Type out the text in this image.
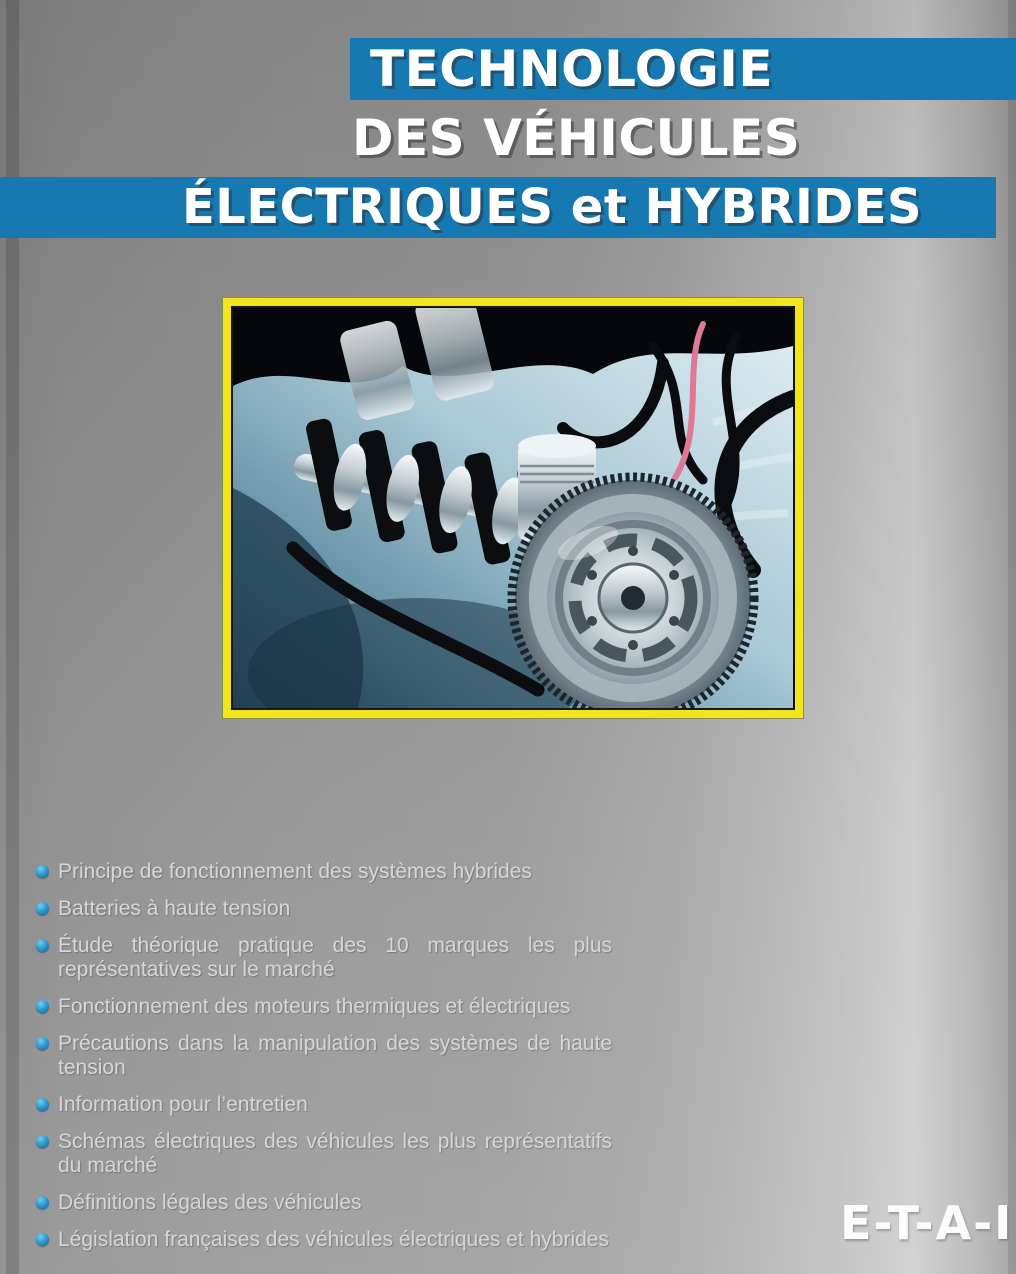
TECHNOLOGIE
DES VÉHICULES
ÉLECTRIQUES et HYBRIDES
Principe de fonctionnement des systèmes hybrides
Batteries à haute tension
Étude théorique pratique des 10 marques les plus représentatives sur le marché
Fonctionnement des moteurs thermiques et électriques
Précautions dans la manipulation des systèmes de haute tension
Information pour l’entretien
Schémas électriques des véhicules les plus représentatifs du marché
Définitions légales des véhicules
Législation françaises des véhicules électriques et hybrides	E-T-A-I
